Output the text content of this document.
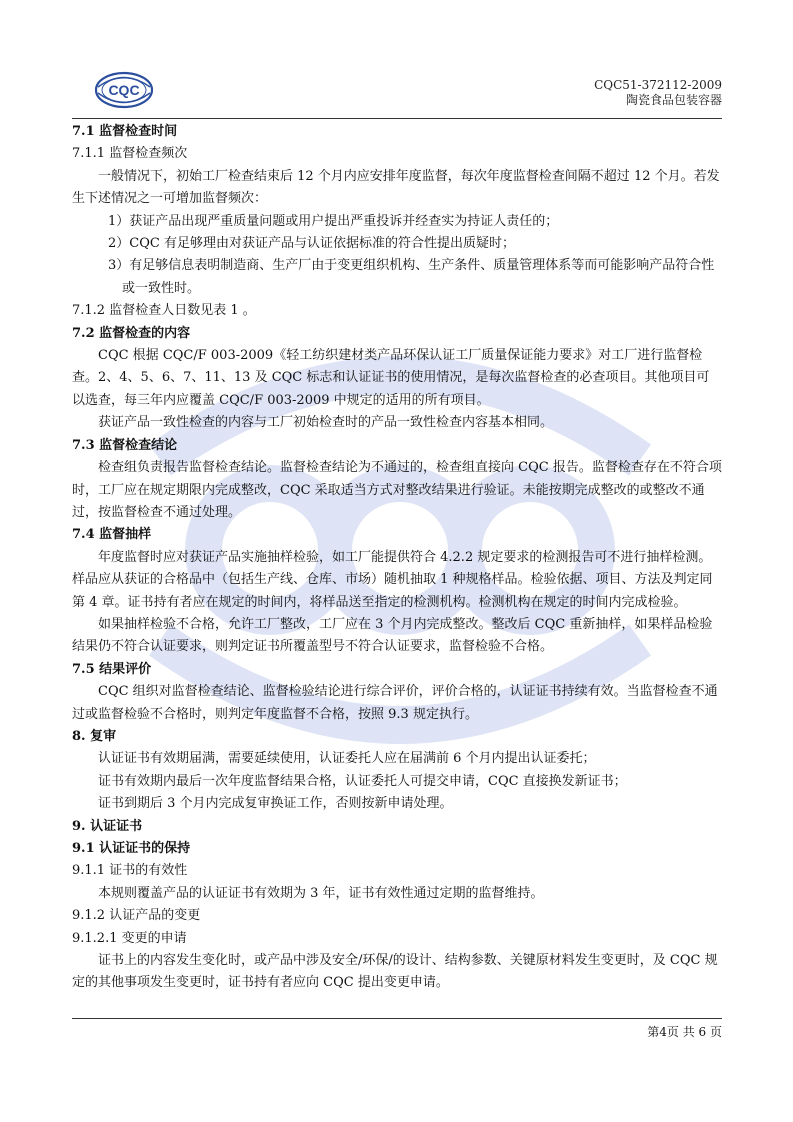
CQC	CQC51-372112-2009
陶瓷食品包装容器

7.1 监督检查时间

7.1.1 监督检查频次

一般情况下，初始工厂检查结束后 12 个月内应安排年度监督，每次年度监督检查间隔不超过 12 个月。若发生下述情况之一可增加监督频次：

1）获证产品出现严重质量问题或用户提出严重投诉并经查实为持证人责任的；

2）CQC 有足够理由对获证产品与认证依据标准的符合性提出质疑时；

3）有足够信息表明制造商、生产厂由于变更组织机构、生产条件、质量管理体系等而可能影响产品符合性或一致性时。

7.1.2 监督检查人日数见表 1 。

7.2 监督检查的内容

CQC 根据 CQC/F 003-2009《轻工纺织建材类产品环保认证工厂质量保证能力要求》对工厂进行监督检查。2、4、5、6、7、11、13 及 CQC 标志和认证证书的使用情况，是每次监督检查的必查项目。其他项目可以选查，每三年内应覆盖 CQC/F 003-2009 中规定的适用的所有项目。

获证产品一致性检查的内容与工厂初始检查时的产品一致性检查内容基本相同。

7.3 监督检查结论

检查组负责报告监督检查结论。监督检查结论为不通过的，检查组直接向 CQC 报告。监督检查存在不符合项时，工厂应在规定期限内完成整改，CQC 采取适当方式对整改结果进行验证。未能按期完成整改的或整改不通过，按监督检查不通过处理。

7.4 监督抽样

年度监督时应对获证产品实施抽样检验，如工厂能提供符合 4.2.2 规定要求的检测报告可不进行抽样检测。样品应从获证的合格品中（包括生产线、仓库、市场）随机抽取 1 种规格样品。检验依据、项目、方法及判定同第 4 章。证书持有者应在规定的时间内，将样品送至指定的检测机构。检测机构在规定的时间内完成检验。

如果抽样检验不合格，允许工厂整改，工厂应在 3 个月内完成整改。整改后 CQC 重新抽样，如果样品检验结果仍不符合认证要求，则判定证书所覆盖型号不符合认证要求，监督检验不合格。

7.5 结果评价

CQC 组织对监督检查结论、监督检验结论进行综合评价，评价合格的，认证证书持续有效。当监督检查不通过或监督检验不合格时，则判定年度监督不合格，按照 9.3 规定执行。

8. 复审

认证证书有效期届满，需要延续使用，认证委托人应在届满前 6 个月内提出认证委托；

证书有效期内最后一次年度监督结果合格，认证委托人可提交申请，CQC 直接换发新证书；

证书到期后 3 个月内完成复审换证工作，否则按新申请处理。

9. 认证证书

9.1 认证证书的保持

9.1.1 证书的有效性

本规则覆盖产品的认证证书有效期为 3 年，证书有效性通过定期的监督维持。

9.1.2 认证产品的变更

9.1.2.1 变更的申请

证书上的内容发生变化时，或产品中涉及安全/环保/的设计、结构参数、关键原材料发生变更时，及 CQC 规定的其他事项发生变更时，证书持有者应向 CQC 提出变更申请。

第4页 共 6 页
